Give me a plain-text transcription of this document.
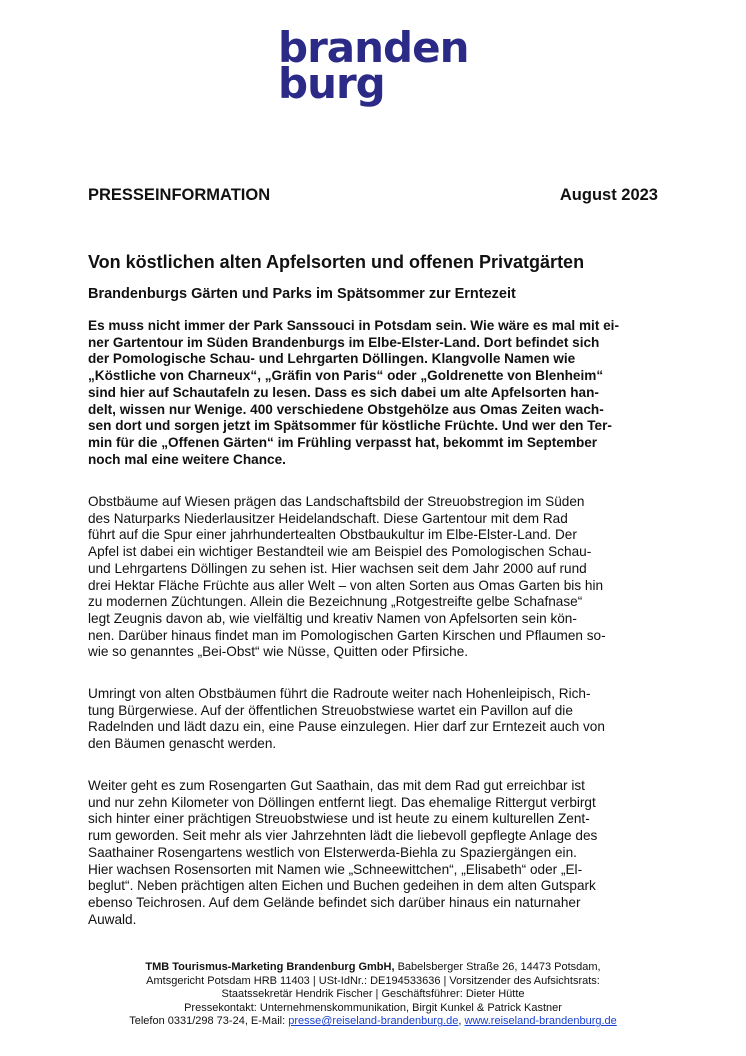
branden
burg
PRESSEINFORMATION	August 2023
Von köstlichen alten Apfelsorten und offenen Privatgärten
Brandenburgs Gärten und Parks im Spätsommer zur Erntezeit
Es muss nicht immer der Park Sanssouci in Potsdam sein. Wie wäre es mal mit ei-
ner Gartentour im Süden Brandenburgs im Elbe-Elster-Land. Dort befindet sich
der Pomologische Schau- und Lehrgarten Döllingen. Klangvolle Namen wie
„Köstliche von Charneux“, „Gräfin von Paris“ oder „Goldrenette von Blenheim“
sind hier auf Schautafeln zu lesen. Dass es sich dabei um alte Apfelsorten han-
delt, wissen nur Wenige. 400 verschiedene Obstgehölze aus Omas Zeiten wach-
sen dort und sorgen jetzt im Spätsommer für köstliche Früchte. Und wer den Ter-
min für die „Offenen Gärten“ im Frühling verpasst hat, bekommt im September
noch mal eine weitere Chance.
Obstbäume auf Wiesen prägen das Landschaftsbild der Streuobstregion im Süden
des Naturparks Niederlausitzer Heidelandschaft. Diese Gartentour mit dem Rad
führt auf die Spur einer jahrhundertealten Obstbaukultur im Elbe-Elster-Land. Der
Apfel ist dabei ein wichtiger Bestandteil wie am Beispiel des Pomologischen Schau-
und Lehrgartens Döllingen zu sehen ist. Hier wachsen seit dem Jahr 2000 auf rund
drei Hektar Fläche Früchte aus aller Welt – von alten Sorten aus Omas Garten bis hin
zu modernen Züchtungen. Allein die Bezeichnung „Rotgestreifte gelbe Schafnase“
legt Zeugnis davon ab, wie vielfältig und kreativ Namen von Apfelsorten sein kön-
nen. Darüber hinaus findet man im Pomologischen Garten Kirschen und Pflaumen so-
wie so genanntes „Bei-Obst“ wie Nüsse, Quitten oder Pfirsiche.
Umringt von alten Obstbäumen führt die Radroute weiter nach Hohenleipisch, Rich-
tung Bürgerwiese. Auf der öffentlichen Streuobstwiese wartet ein Pavillon auf die
Radelnden und lädt dazu ein, eine Pause einzulegen. Hier darf zur Erntezeit auch von
den Bäumen genascht werden.
Weiter geht es zum Rosengarten Gut Saathain, das mit dem Rad gut erreichbar ist
und nur zehn Kilometer von Döllingen entfernt liegt. Das ehemalige Rittergut verbirgt
sich hinter einer prächtigen Streuobstwiese und ist heute zu einem kulturellen Zent-
rum geworden. Seit mehr als vier Jahrzehnten lädt die liebevoll gepflegte Anlage des
Saathainer Rosengartens westlich von Elsterwerda-Biehla zu Spaziergängen ein.
Hier wachsen Rosensorten mit Namen wie „Schneewittchen“, „Elisabeth“ oder „El-
beglut“. Neben prächtigen alten Eichen und Buchen gedeihen in dem alten Gutspark
ebenso Teichrosen. Auf dem Gelände befindet sich darüber hinaus ein naturnaher
Auwald.
TMB Tourismus-Marketing Brandenburg GmbH, Babelsberger Straße 26, 14473 Potsdam,
Amtsgericht Potsdam HRB 11403 | USt-IdNr.: DE194533636 | Vorsitzender des Aufsichtsrats:
Staatssekretär Hendrik Fischer | Geschäftsführer: Dieter Hütte
Pressekontakt: Unternehmenskommunikation, Birgit Kunkel & Patrick Kastner
Telefon 0331/298 73-24, E-Mail: presse@reiseland-brandenburg.de, www.reiseland-brandenburg.de
